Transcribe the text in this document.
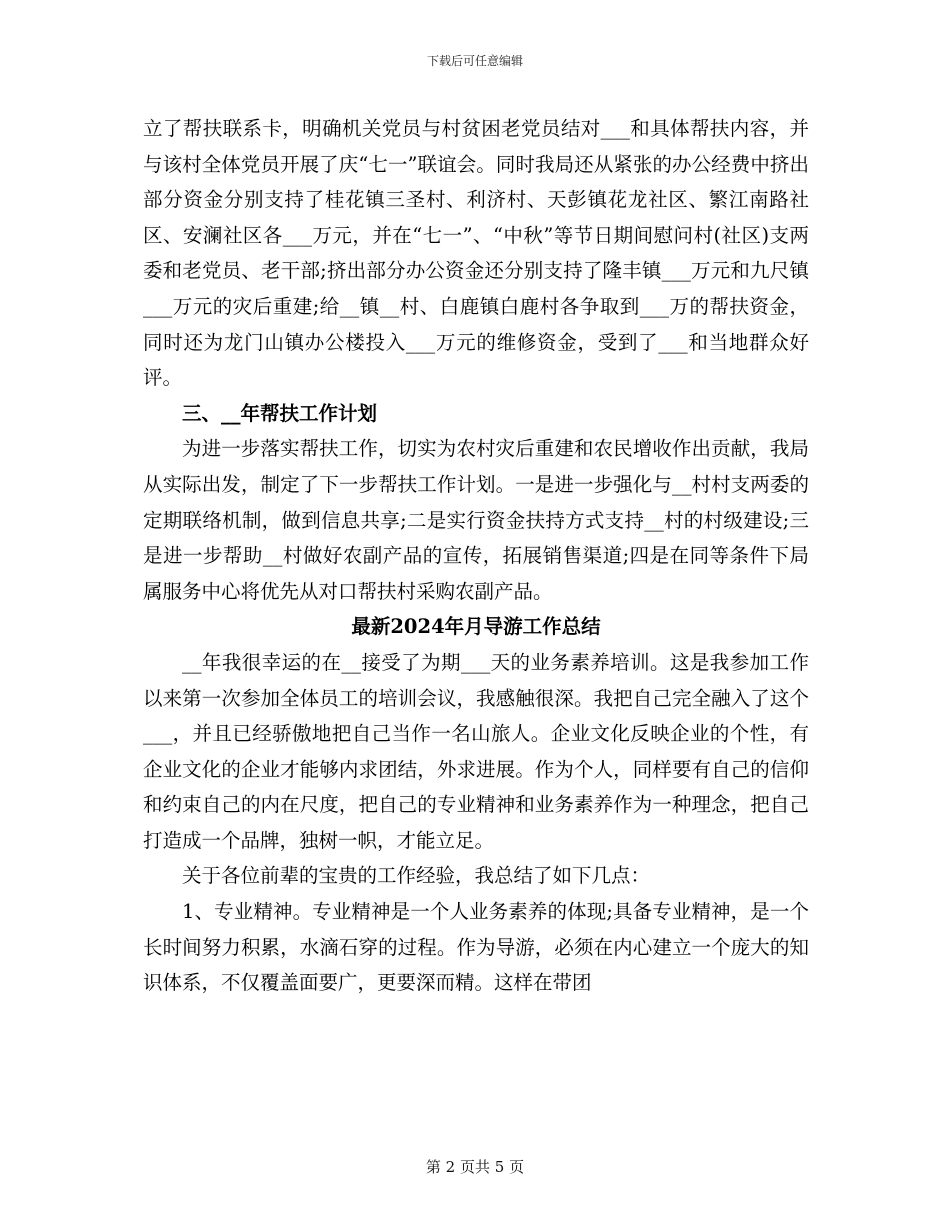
下载后可任意编辑

立了帮扶联系卡，明确机关党员与村贫困老党员结对___和具体帮扶内容，并与该村全体党员开展了庆“七一”联谊会。同时我局还从紧张的办公经费中挤出部分资金分别支持了桂花镇三圣村、利济村、天彭镇花龙社区、繁江南路社区、安澜社区各___万元，并在“七一”、“中秋”等节日期间慰问村(社区)支两委和老党员、老干部;挤出部分办公资金还分别支持了隆丰镇___万元和九尺镇___万元的灾后重建;给__镇__村、白鹿镇白鹿村各争取到___万的帮扶资金，同时还为龙门山镇办公楼投入___万元的维修资金，受到了___和当地群众好评。

三、__年帮扶工作计划

为进一步落实帮扶工作，切实为农村灾后重建和农民增收作出贡献，我局从实际出发，制定了下一步帮扶工作计划。一是进一步强化与__村村支两委的定期联络机制，做到信息共享;二是实行资金扶持方式支持__村的村级建设;三是进一步帮助__村做好农副产品的宣传，拓展销售渠道;四是在同等条件下局属服务中心将优先从对口帮扶村采购农副产品。

最新2024年月导游工作总结

__年我很幸运的在__接受了为期___天的业务素养培训。这是我参加工作以来第一次参加全体员工的培训会议，我感触很深。我把自己完全融入了这个___，并且已经骄傲地把自己当作一名山旅人。企业文化反映企业的个性，有企业文化的企业才能够内求团结，外求进展。作为个人，同样要有自己的信仰和约束自己的内在尺度，把自己的专业精神和业务素养作为一种理念，把自己打造成一个品牌，独树一帜，才能立足。

关于各位前辈的宝贵的工作经验，我总结了如下几点：

1、专业精神。专业精神是一个人业务素养的体现;具备专业精神，是一个长时间努力积累，水滴石穿的过程。作为导游，必须在内心建立一个庞大的知识体系，不仅覆盖面要广，更要深而精。这样在带团

第 2 页共 5 页
